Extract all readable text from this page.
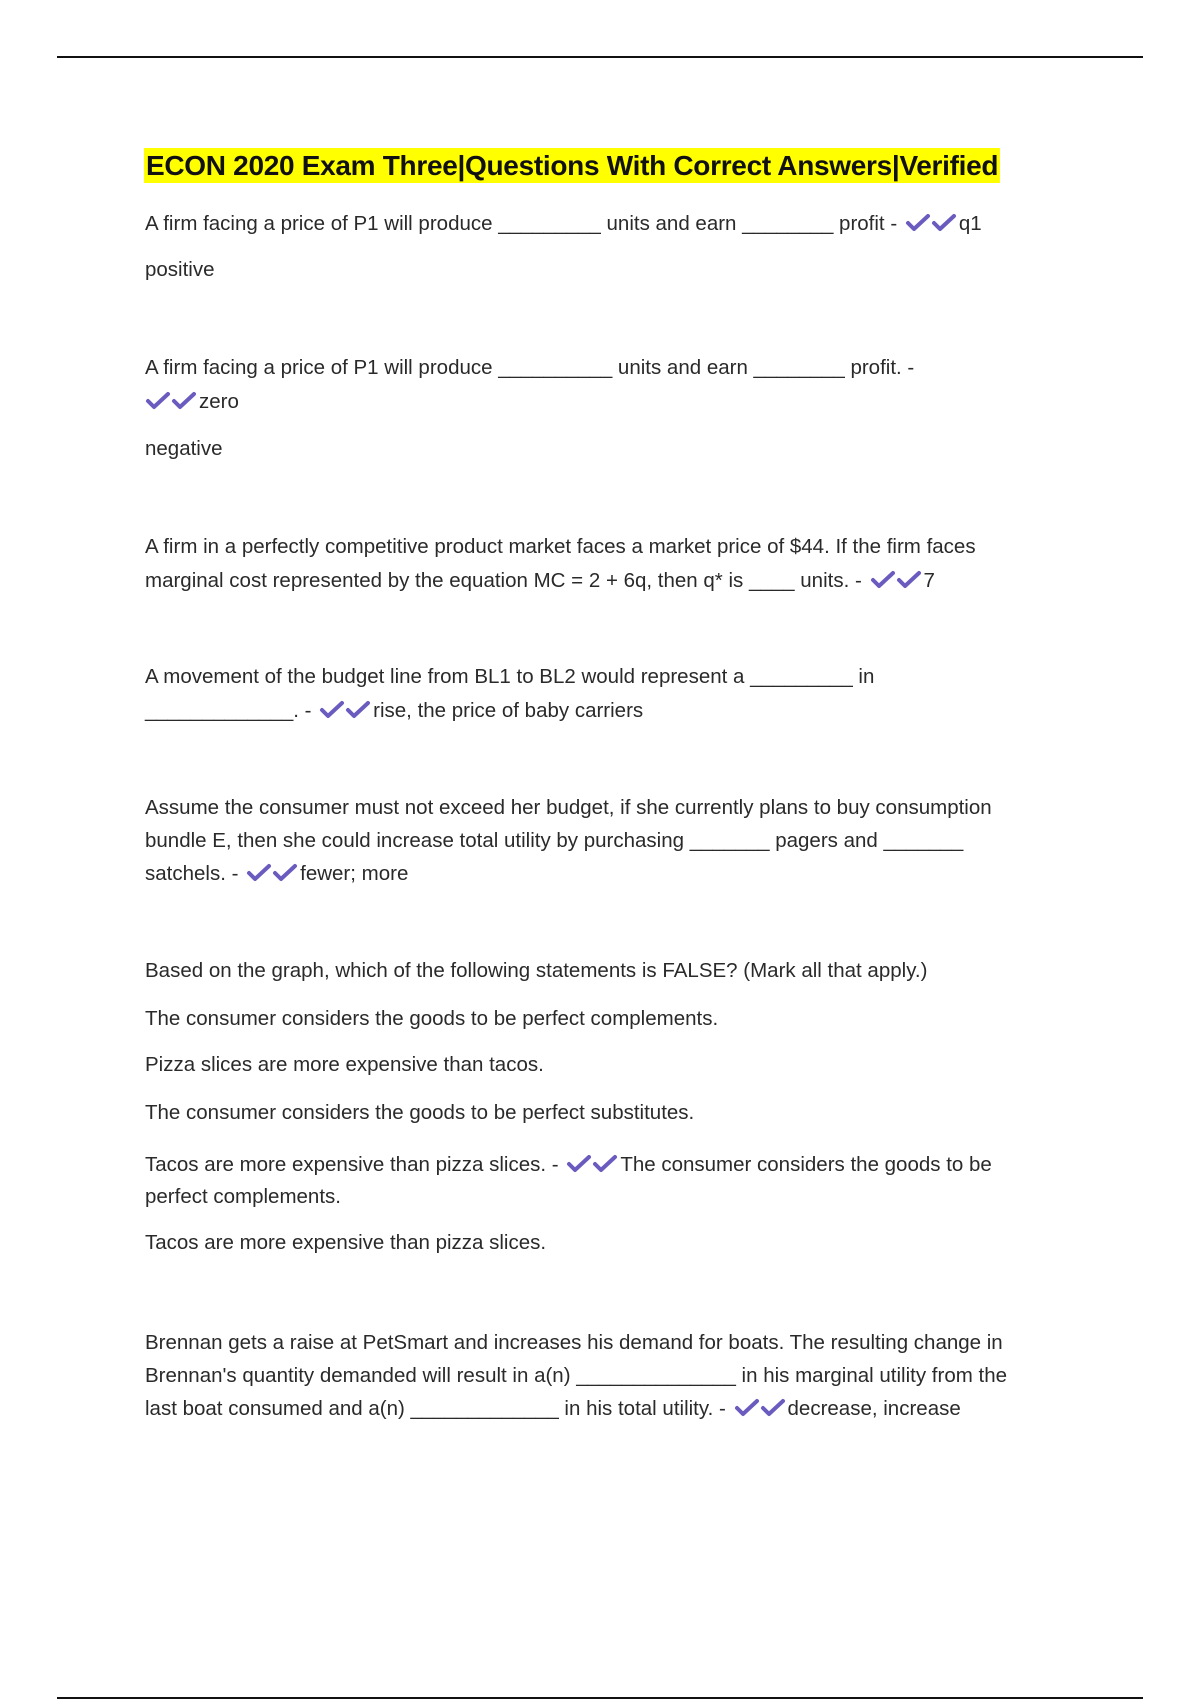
ECON 2020 Exam Three|Questions With Correct Answers|Verified
A firm facing a price of P1 will produce _________ units and earn ________ profit -	q1
positive
A firm facing a price of P1 will produce __________ units and earn ________ profit. -
zero
negative
A firm in a perfectly competitive product market faces a market price of $44. If the firm faces
marginal cost represented by the equation MC = 2 + 6q, then q* is ____ units. -	7
A movement of the budget line from BL1 to BL2 would represent a _________ in
_____________. -	rise, the price of baby carriers
Assume the consumer must not exceed her budget, if she currently plans to buy consumption
bundle E, then she could increase total utility by purchasing _______ pagers and _______
satchels. -	fewer; more
Based on the graph, which of the following statements is FALSE? (Mark all that apply.)
The consumer considers the goods to be perfect complements.
Pizza slices are more expensive than tacos.
The consumer considers the goods to be perfect substitutes.
Tacos are more expensive than pizza slices. -	The consumer considers the goods to be
perfect complements.
Tacos are more expensive than pizza slices.
Brennan gets a raise at PetSmart and increases his demand for boats. The resulting change in
Brennan's quantity demanded will result in a(n) ______________ in his marginal utility from the
last boat consumed and a(n) _____________ in his total utility. -	decrease, increase
